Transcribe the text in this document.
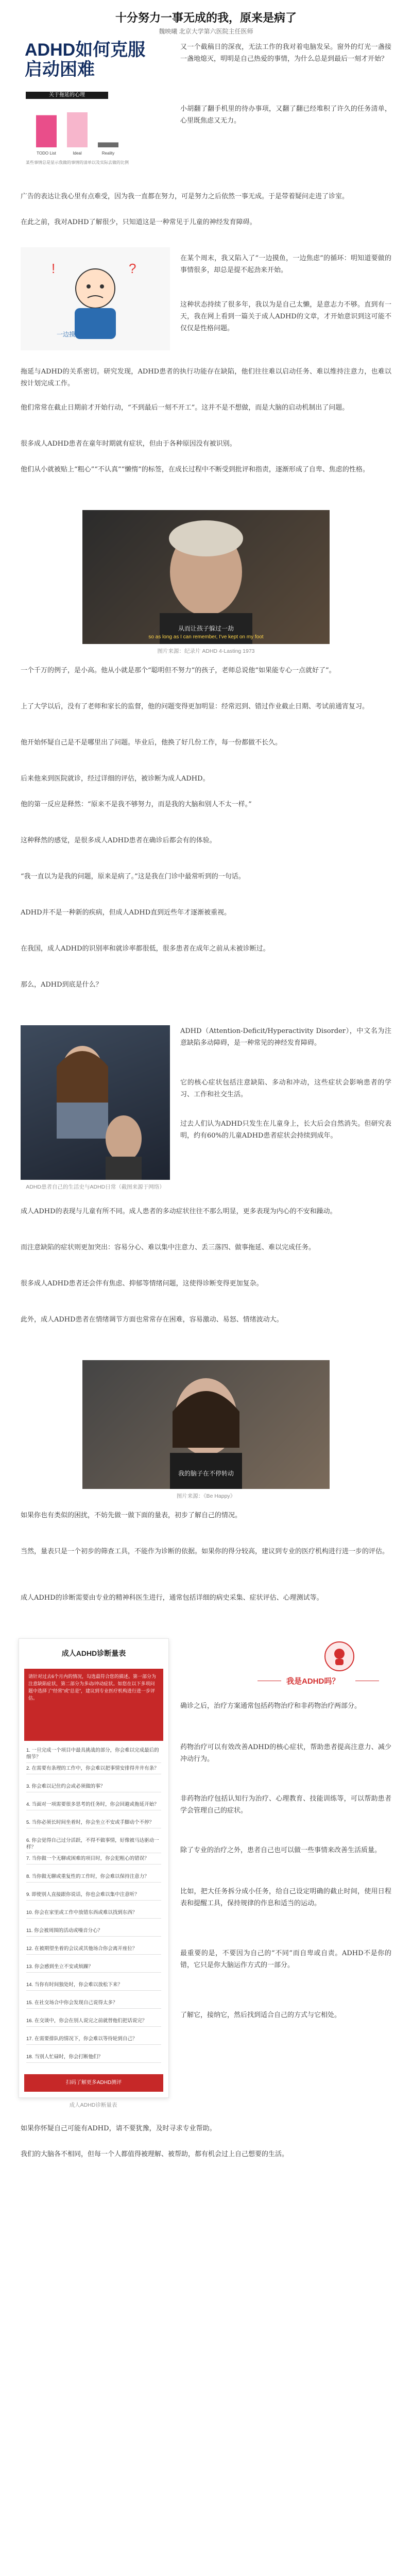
十分努力一事无成的我，原来是病了
魏映曦 北京大学第六医院主任医师
ADHD如何克服
启动困难
关于拖延的心理
TODO List	Ideal	Reality
某些事情总是显示我做的事情的清单以及实际去做的比例

又一个截稿日的深夜，无法工作的我对着电脑发呆。窗外的灯光一盏接一盏地熄灭，明明是自己热爱的事情，为什么总是到最后一刻才开始？

小胡翻了翻手机里的待办事项，又翻了翻已经堆积了许久的任务清单，心里既焦虑又无力。

广告的表达让我心里有点难受，因为我一直都在努力，可是努力之后依然一事无成。于是带着疑问走进了诊室。

在此之前，我对ADHD了解很少，只知道这是一种常见于儿童的神经发育障碍。

?
!
一边摸鱼，一边焦虑

在某个周末，我又陷入了“一边摸鱼，一边焦虑”的循环：明知道要做的事情很多，却总是提不起劲来开始。

这种状态持续了很多年，我以为是自己太懒，是意志力不够。直到有一天，我在网上看到一篇关于成人ADHD的文章，才开始意识到这可能不仅仅是性格问题。

拖延与ADHD的关系密切。研究发现，ADHD患者的执行功能存在缺陷，他们往往难以启动任务、难以维持注意力，也难以按计划完成工作。

他们常常在截止日期前才开始行动，“不到最后一刻不开工”。这并不是不想做，而是大脑的启动机制出了问题。

很多成人ADHD患者在童年时期就有症状，但由于各种原因没有被识别。

他们从小就被贴上“粗心”“不认真”“懒惰”的标签，在成长过程中不断受到批评和指责，逐渐形成了自卑、焦虑的性格。

从而让孩子躲过一劫
so as long as I can remember, I've kept on my foot
图片来源：纪录片 ADHD 4-Lasting 1973

一个千万的例子，是小高。他从小就是那个“聪明但不努力”的孩子，老师总说他“如果能专心一点就好了”。

上了大学以后，没有了老师和家长的监督，他的问题变得更加明显：经常迟到、错过作业截止日期、考试前通宵复习。

他开始怀疑自己是不是哪里出了问题。毕业后，他换了好几份工作，每一份都做不长久。

后来他来到医院就诊，经过详细的评估，被诊断为成人ADHD。

他的第一反应是释然：“原来不是我不够努力，而是我的大脑和别人不太一样。”

这种释然的感觉，是很多成人ADHD患者在确诊后都会有的体验。

“我一直以为是我的问题，原来是病了。”这是我在门诊中最常听到的一句话。

ADHD并不是一种新的疾病，但成人ADHD直到近些年才逐渐被重视。

在我国，成人ADHD的识别率和就诊率都很低，很多患者在成年之前从未被诊断过。

那么，ADHD到底是什么？

ADHD患者自己的生活史与ADHD日常（截图来源于网络）

ADHD（Attention-Deficit/Hyperactivity Disorder），中文名为注意缺陷多动障碍，是一种常见的神经发育障碍。

它的核心症状包括注意缺陷、多动和冲动，这些症状会影响患者的学习、工作和社交生活。

过去人们认为ADHD只发生在儿童身上，长大后会自然消失。但研究表明，约有60%的儿童ADHD患者症状会持续到成年。

成人ADHD的表现与儿童有所不同。成人患者的多动症状往往不那么明显，更多表现为内心的不安和躁动。

而注意缺陷的症状则更加突出：容易分心、难以集中注意力、丢三落四、做事拖延、难以完成任务。

很多成人ADHD患者还会伴有焦虑、抑郁等情绪问题，这使得诊断变得更加复杂。

此外，成人ADHD患者在情绪调节方面也常常存在困难，容易激动、易怒、情绪波动大。

我的脑子在不停转动
图片来源：《Be Happy》

如果你也有类似的困扰，不妨先做一做下面的量表，初步了解自己的情况。

当然，量表只是一个初步的筛查工具，不能作为诊断的依据。如果你的得分较高，建议到专业的医疗机构进行进一步的评估。

成人ADHD的诊断需要由专业的精神科医生进行，通常包括详细的病史采集、症状评估、心理测试等。

成人ADHD诊断量表
请针对过去6个月内的情况，勾选最符合您的描述。第一部分为注意缺陷症状，第二部分为多动/冲动症状。如您在以下多项问题中选择了“经常”或“总是”，建议到专业医疗机构进行进一步评估。
1. 一旦完成一个项目中最具挑战的部分，你会难以完成最后的细节？
2. 在需要有条理的工作中，你会难以把事情安排得井井有条？
3. 你会难以记住约会或必须做的事？
4. 当面对一项需要很多思考的任务时，你会回避或拖延开始？
5. 当你必须长时间坐着时，你会坐立不安或手脚动个不停？
6. 你会觉得自己过分活跃，不得不做事情，好像被马达驱动一样？
7. 当你做一个无聊或困难的项目时，你会犯粗心的错误？
8. 当你做无聊或重复性的工作时，你会难以保持注意力？
9. 即使别人直接跟你说话，你也会难以集中注意听？
10. 你会在家里或工作中放错东西或难以找到东西？
11. 你会被周围的活动或噪音分心？
12. 在被期望坐着的会议或其他场合你会离开座位？
13. 你会感到坐立不安或烦躁？
14. 当你有时间独处时，你会难以放松下来？
15. 在社交场合中你会发现自己说得太多？
16. 在交谈中，你会在别人说完之前就替他们把话说完？
17. 在需要排队的情况下，你会难以等待轮到自己？
18. 当别人忙碌时，你会打断他们？
扫码了解更多ADHD测评
成人ADHD诊断量表
我是ADHD吗？

确诊之后，治疗方案通常包括药物治疗和非药物治疗两部分。

药物治疗可以有效改善ADHD的核心症状，帮助患者提高注意力、减少冲动行为。

非药物治疗包括认知行为治疗、心理教育、技能训练等，可以帮助患者学会管理自己的症状。

除了专业的治疗之外，患者自己也可以做一些事情来改善生活质量。

比如，把大任务拆分成小任务，给自己设定明确的截止时间，使用日程表和提醒工具，保持规律的作息和适当的运动。

最重要的是，不要因为自己的“不同”而自卑或自责。ADHD不是你的错，它只是你大脑运作方式的一部分。

了解它，接纳它，然后找到适合自己的方式与它相处。

如果你怀疑自己可能有ADHD，请不要犹豫，及时寻求专业帮助。

我们的大脑各不相同，但每一个人都值得被理解、被帮助，都有机会过上自己想要的生活。
